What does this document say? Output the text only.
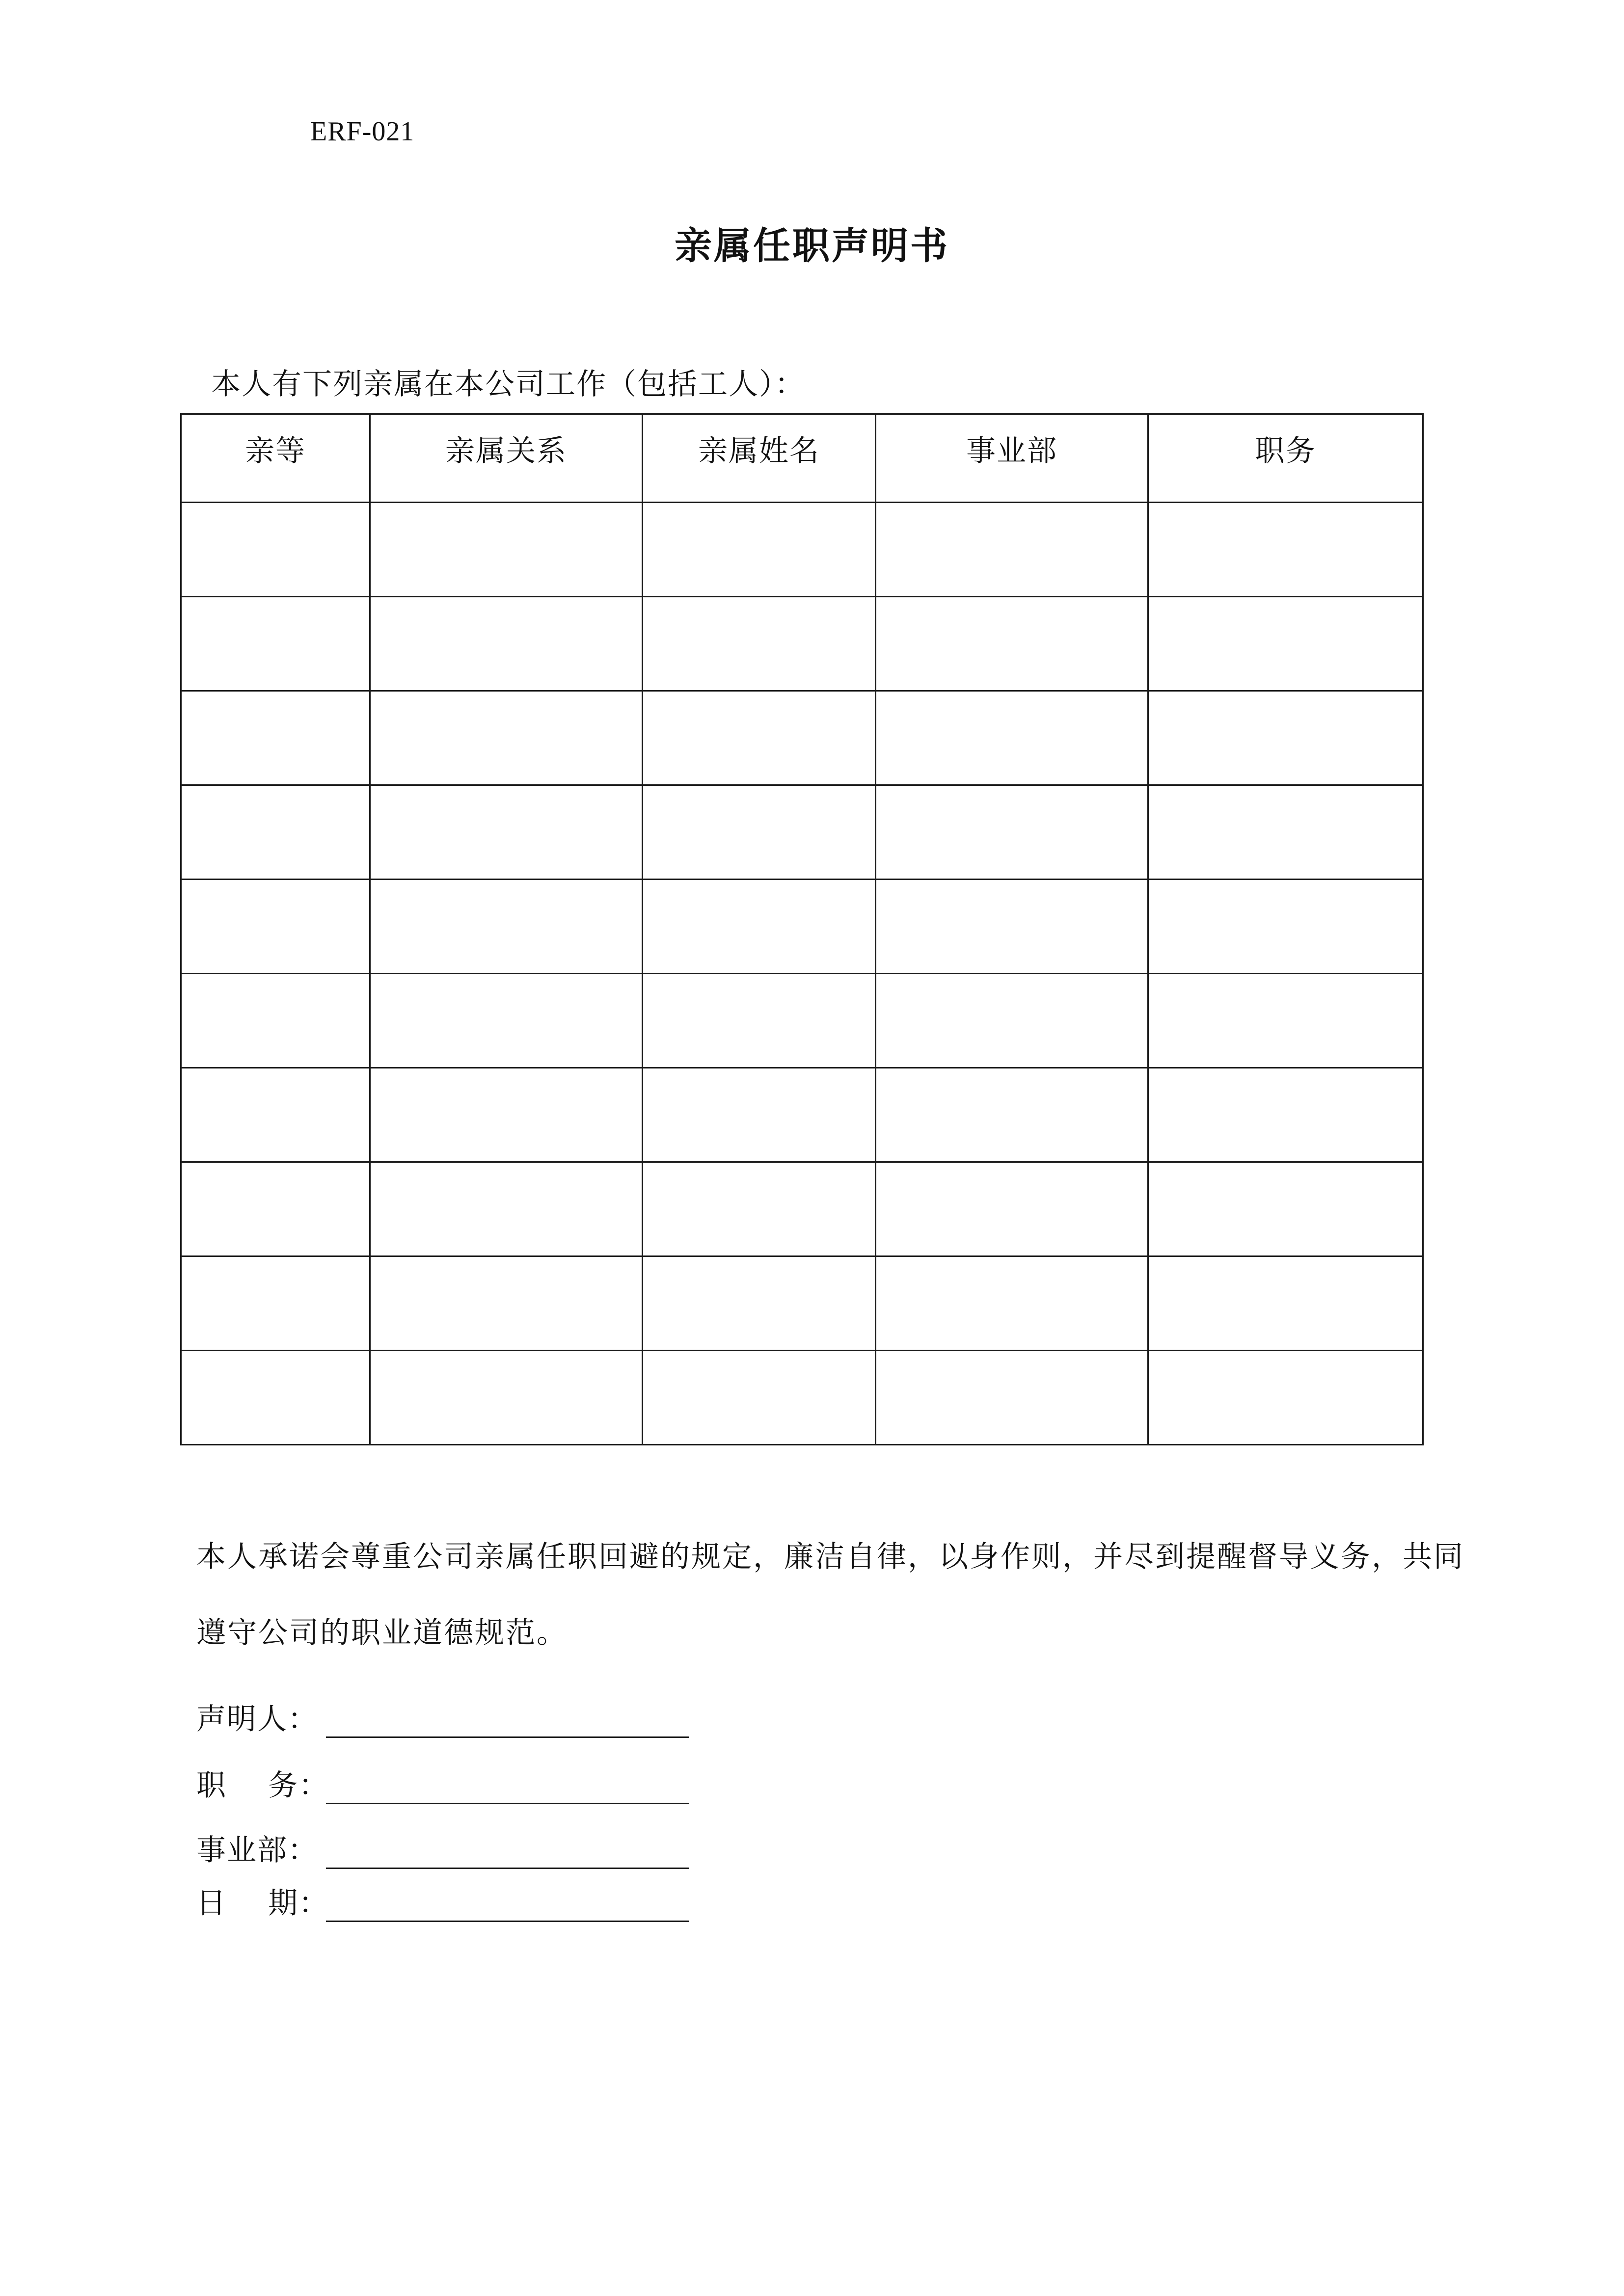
ERF-021
亲属任职声明书
本人有下列亲属在本公司工作（包括工人）：
亲等	亲属关系	亲属姓名	事业部	职务

本人承诺会尊重公司亲属任职回避的规定，廉洁自律，以身作则，并尽到提醒督导义务，共同遵守公司的职业道德规范。
声明人：
职    务：
事业部：
日    期：
